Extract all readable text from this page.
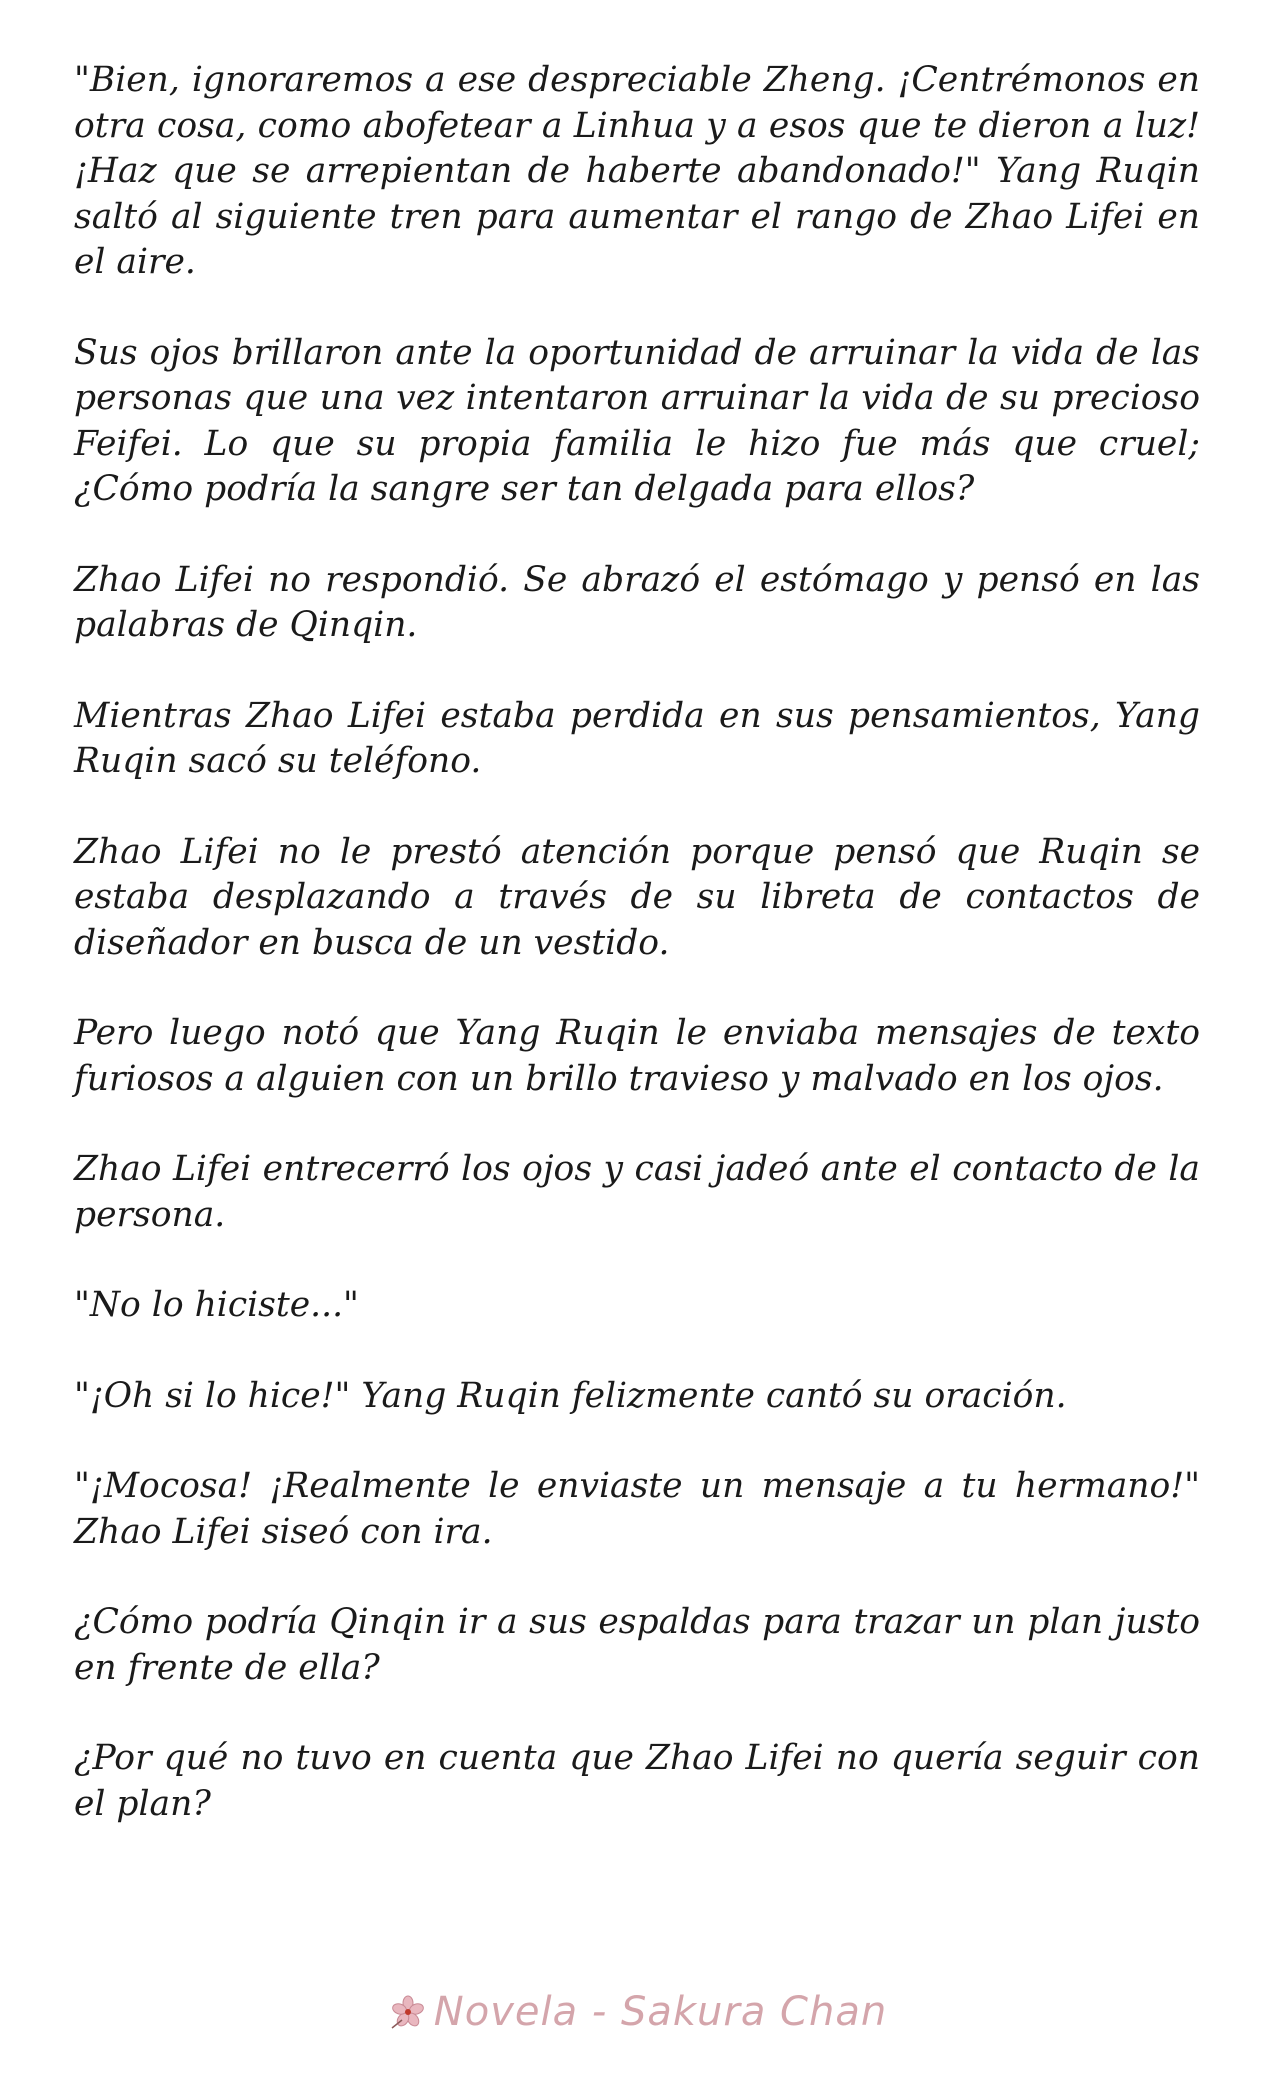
"Bien, ignoraremos a ese despreciable Zheng. ¡Centrémonos en otra cosa, como abofetear a Linhua y a esos que te dieron a luz! ¡Haz que se arrepientan de haberte abandonado!" Yang Ruqin saltó al siguiente tren para aumentar el rango de Zhao Lifei en el aire.

Sus ojos brillaron ante la oportunidad de arruinar la vida de las personas que una vez intentaron arruinar la vida de su precioso Feifei. Lo que su propia familia le hizo fue más que cruel; ¿Cómo podría la sangre ser tan delgada para ellos?

Zhao Lifei no respondió. Se abrazó el estómago y pensó en las palabras de Qinqin.

Mientras Zhao Lifei estaba perdida en sus pensamientos, Yang Ruqin sacó su teléfono.

Zhao Lifei no le prestó atención porque pensó que Ruqin se estaba desplazando a través de su libreta de contactos de diseñador en busca de un vestido.

Pero luego notó que Yang Ruqin le enviaba mensajes de texto furiosos a alguien con un brillo travieso y malvado en los ojos.

Zhao Lifei entrecerró los ojos y casi jadeó ante el contacto de la persona.

"No lo hiciste..."

"¡Oh si lo hice!" Yang Ruqin felizmente cantó su oración.

"¡Mocosa! ¡Realmente le enviaste un mensaje a tu hermano!" Zhao Lifei siseó con ira.

¿Cómo podría Qinqin ir a sus espaldas para trazar un plan justo en frente de ella?

¿Por qué no tuvo en cuenta que Zhao Lifei no quería seguir con el plan?

Novela - Sakura Chan
